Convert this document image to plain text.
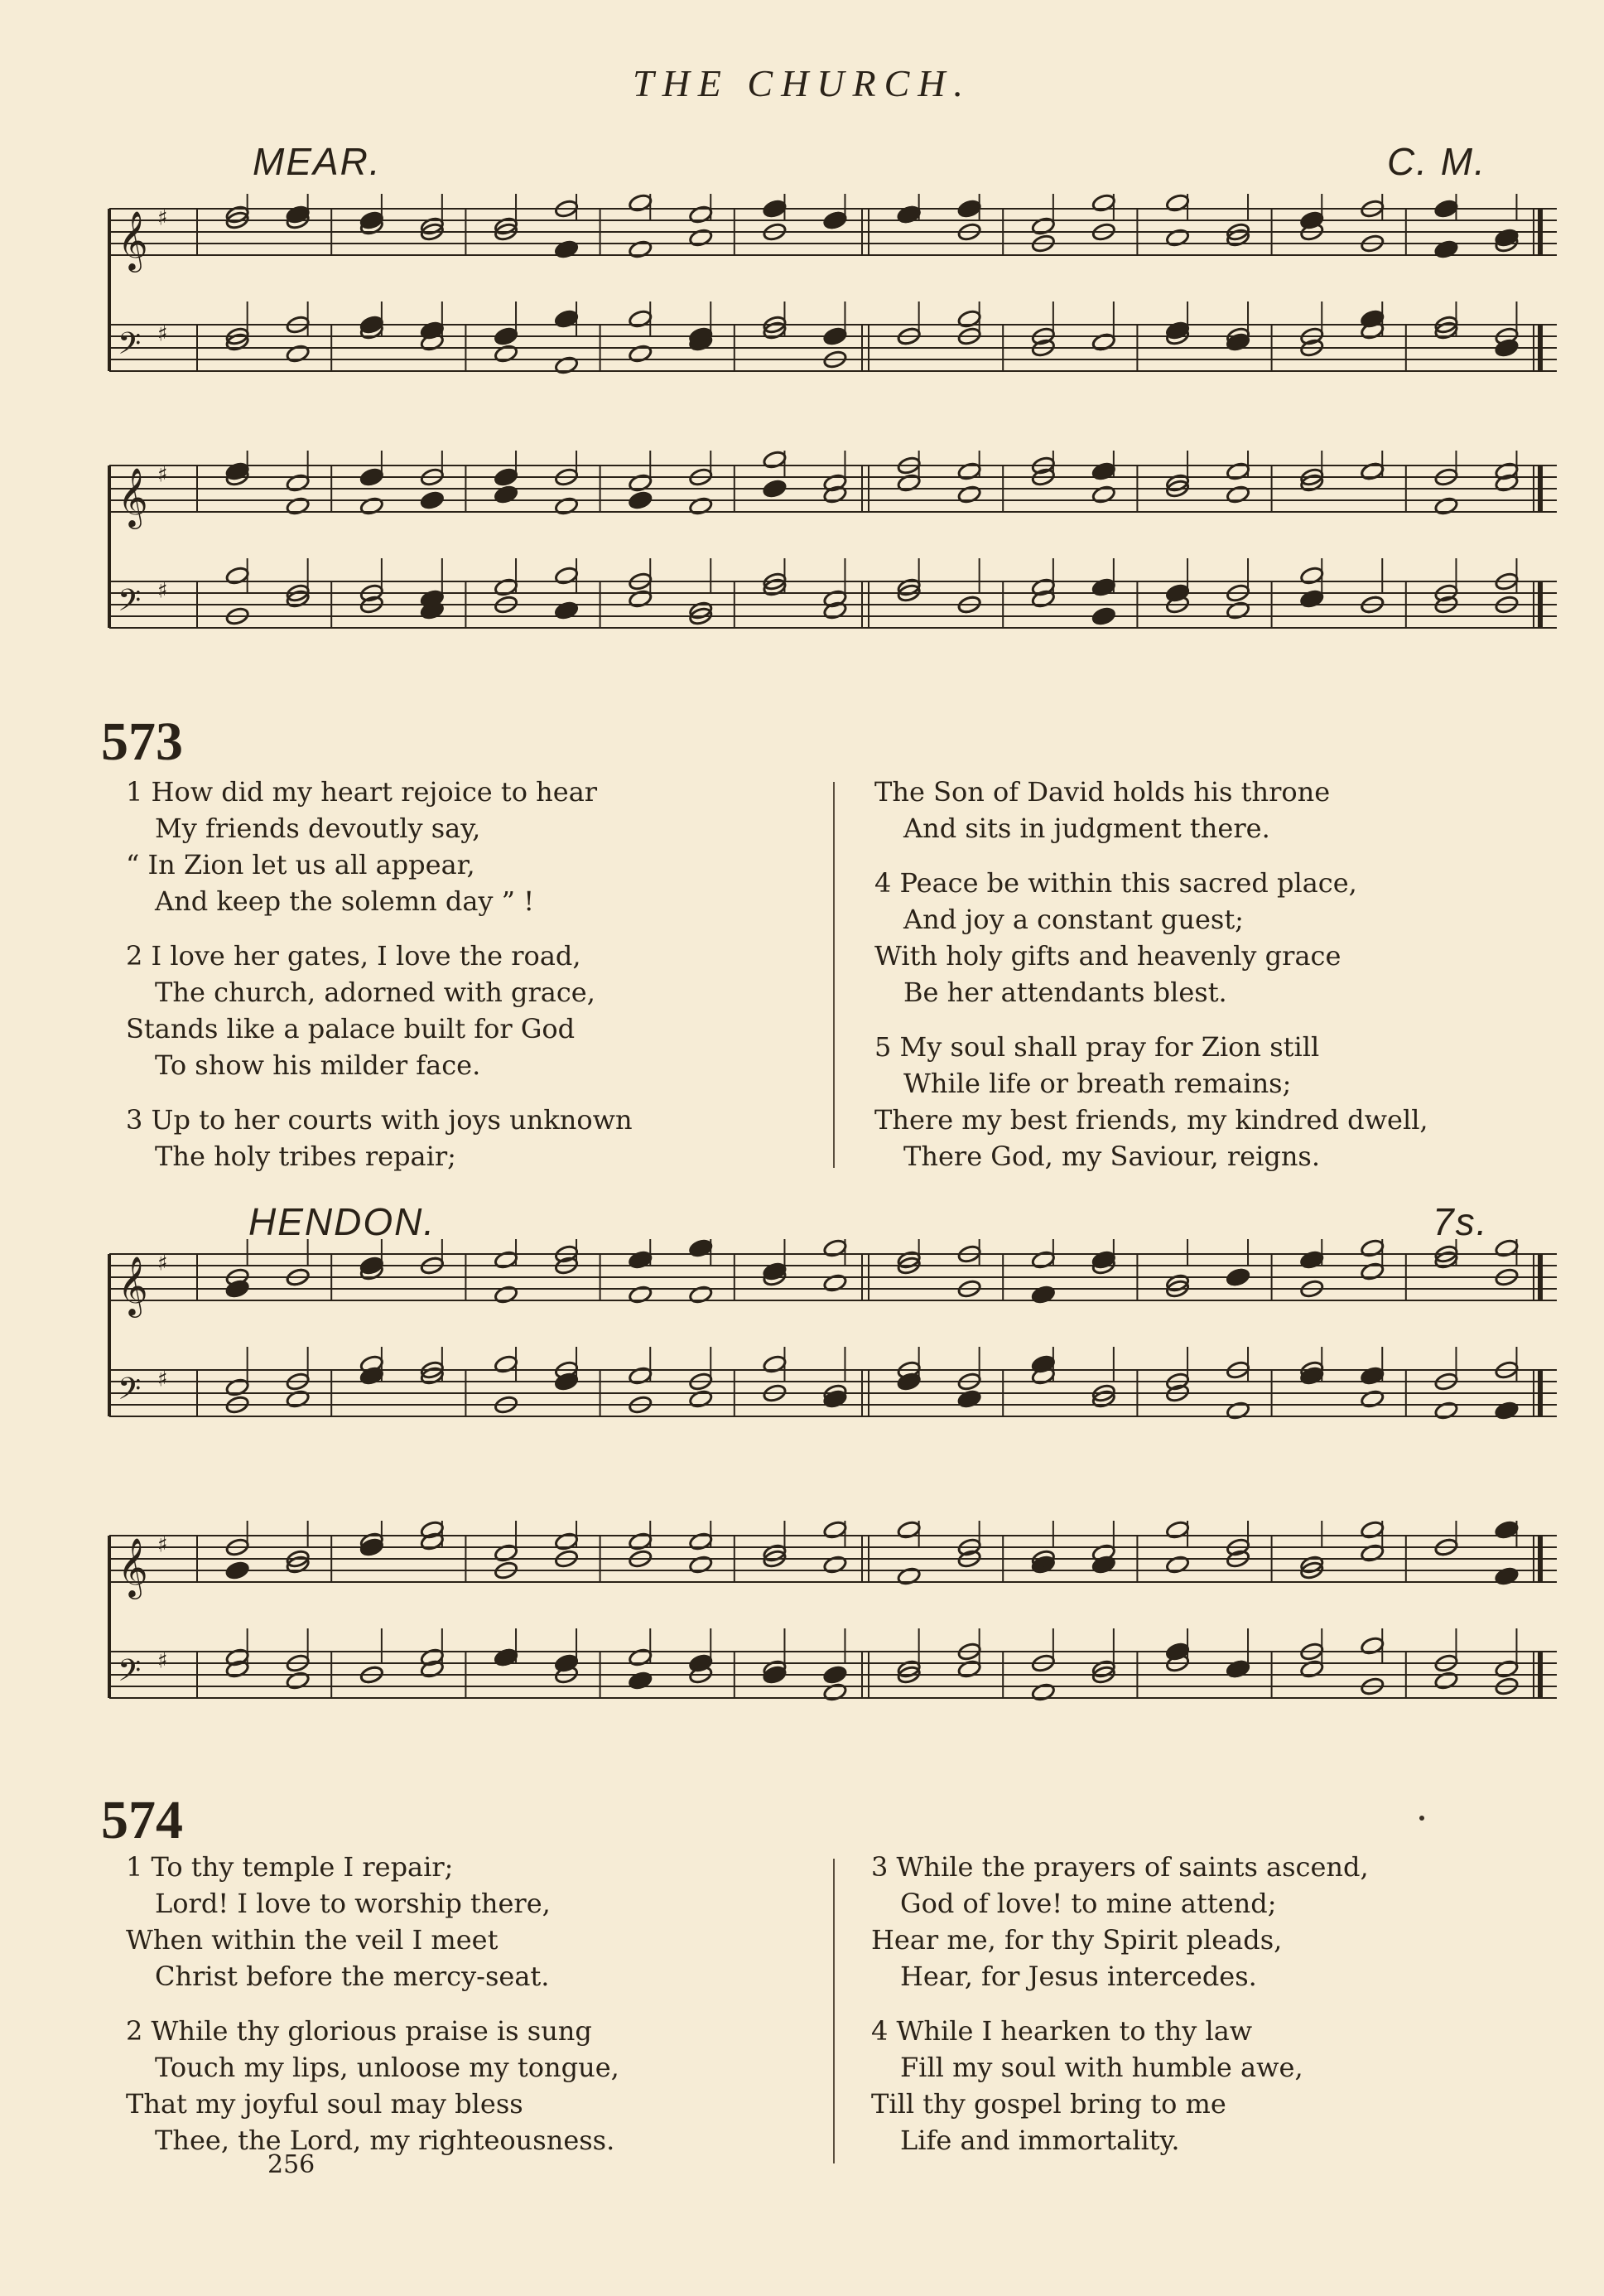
THE CHURCH.
MEAR.	C. M.
𝄞 ♯
𝄢 ♯
𝄞 ♯
𝄢 ♯
573
1 How did my heart rejoice to hear
My friends devoutly say,
“ In Zion let us all appear,
And keep the solemn day ” !
2 I love her gates, I love the road,
The church, adorned with grace,
Stands like a palace built for God
To show his milder face.
3 Up to her courts with joys unknown
The holy tribes repair;
The Son of David holds his throne
And sits in judgment there.
4 Peace be within this sacred place,
And joy a constant guest;
With holy gifts and heavenly grace
Be her attendants blest.
5 My soul shall pray for Zion still
While life or breath remains;
There my best friends, my kindred dwell,
There God, my Saviour, reigns.
HENDON.	7s.
𝄞 ♯
𝄢 ♯
𝄞 ♯
𝄢 ♯
574
1 To thy temple I repair;
Lord! I love to worship there,
When within the veil I meet
Christ before the mercy-seat.
2 While thy glorious praise is sung
Touch my lips, unloose my tongue,
That my joyful soul may bless
Thee, the Lord, my righteousness.
3 While the prayers of saints ascend,
God of love! to mine attend;
Hear me, for thy Spirit pleads,
Hear, for Jesus intercedes.
4 While I hearken to thy law
Fill my soul with humble awe,
Till thy gospel bring to me
Life and immortality.
256
